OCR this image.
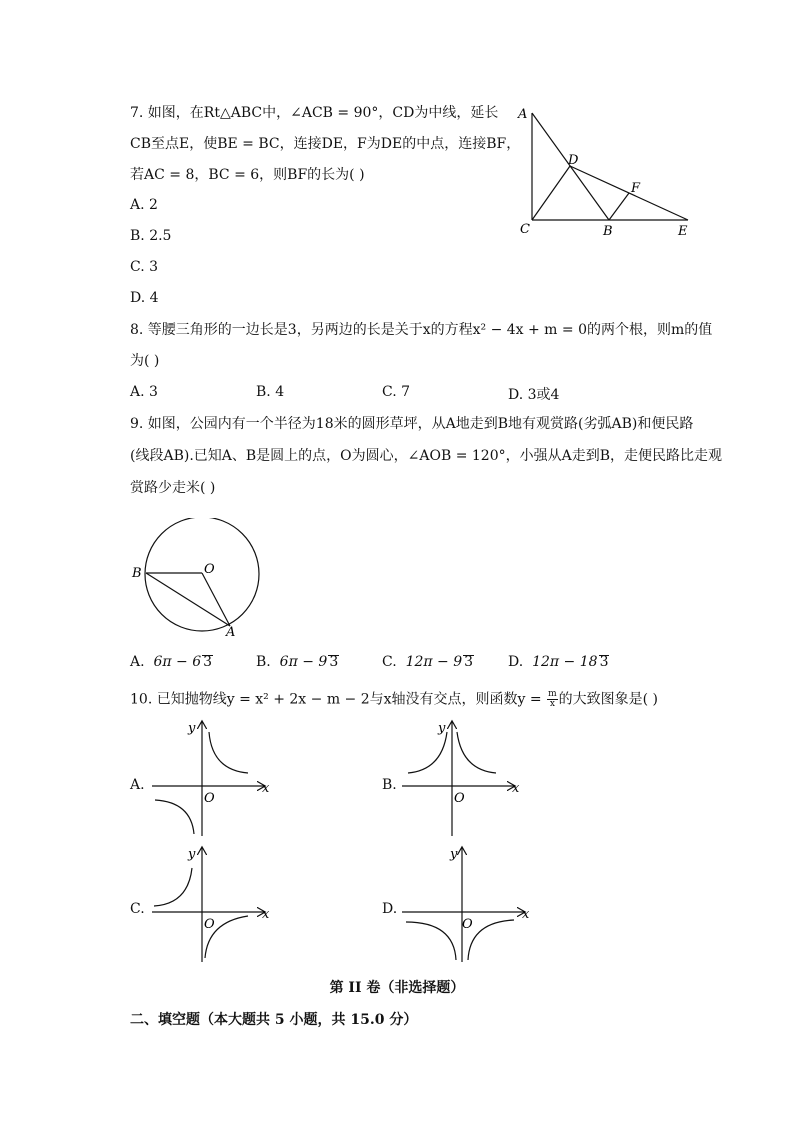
7. 如图，在Rt△ABC中，∠ACB = 90°，CD为中线，延长
CB至点E，使BE = BC，连接DE，F为DE的中点，连接BF，
若AC = 8，BC = 6，则BF的长为( )
A. 2
B. 2.5
C. 3
D. 4
A
D
F
C	B	E
8. 等腰三角形的一边长是3，另两边的长是关于x的方程x² − 4x + m = 0的两个根，则m的值
为( )
A. 3	B. 4	C. 7	D. 3或4
9. 如图，公园内有一个半径为18米的圆形草坪，从A地走到B地有观赏路(劣弧AB)和便民路
(线段AB).已知A、B是圆上的点，O为圆心，∠AOB = 120°，小强从A走到B，走便民路比走观
赏路少走米( )
B	O
A
A. 6π − 6 3	B. 6π − 9 3	C. 12π − 9 3 D. 12π − 18 3
10. 已知抛物线y = x² + 2x − m − 2与x轴没有交点，则函数$y = \frac{m}{x}$ 的大致图象是( )
A.	B.
C.	D.
y
x
O
y
x
O
y
x
O
y
x
O
第 II 卷（非选择题）
二、填空题（本大题共 5 小题，共 15.0 分）
